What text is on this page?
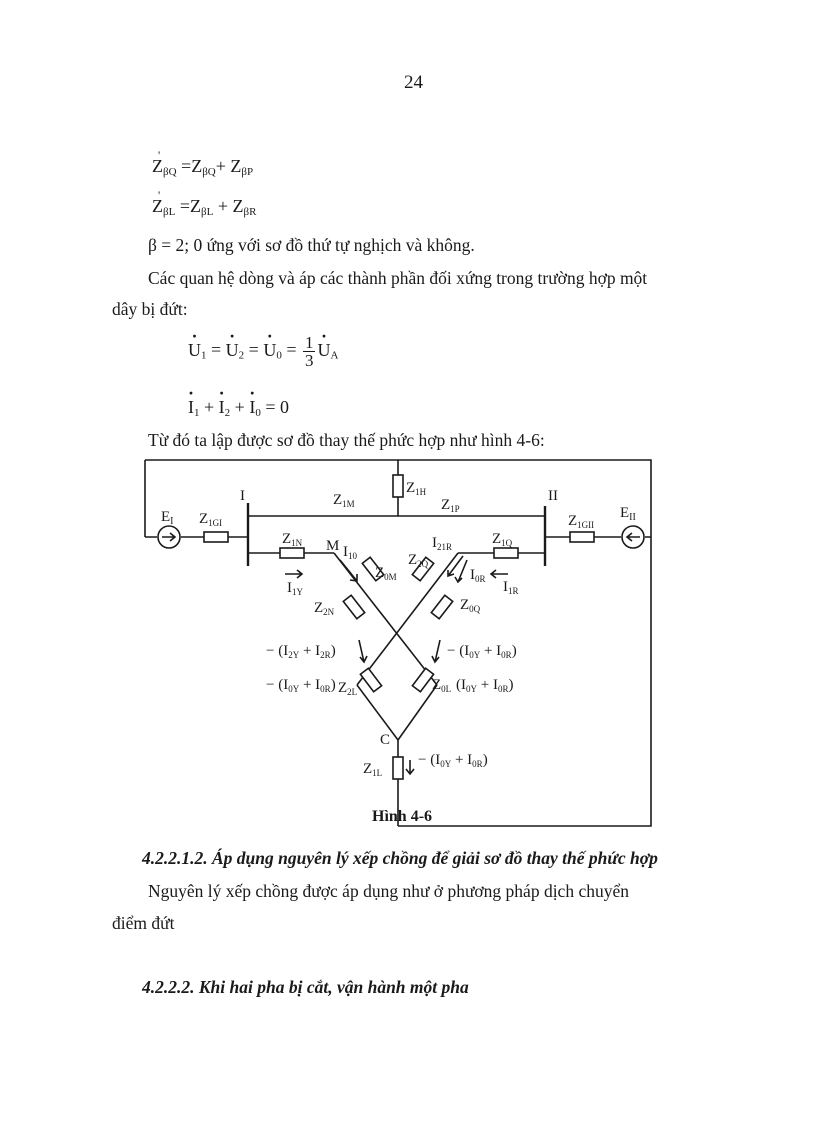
24
Z '$_{\beta Q} =Z_{\beta Q}+ Z_{\beta P}$
Z '$_{\beta L} =Z_{\beta L} + Z_{\beta R}$
β = 2; 0 ứng với sơ đồ thứ tự nghịch và không.
Các quan hệ dòng và áp các thành phần đối xứng trong trường hợp một
dây bị đứt:
· $U_1$ = · $U_2$ = · $U_0 = \frac{1}{3}$
· $U_A$
· $I_1$ + · $I_2$ + · $I_0 = 0$
Từ đó ta lập được sơ đồ thay thế phức hợp như hình 4-6:
I	II
$E_I$
$E_{II}$
$Z_{1GI}$	$Z_{1GII}$
$Z_{1H}$
$Z_{1M}$	$Z_{1P}$
$Z_{1N}$	$Z_{1Q}$
M $I_{10}$
$I_{21R}$
$Z_{0M}$
$Z_{2Q}$
$I_{0R}$ $I_{1R}$
$I_{1Y}$
$Z_{2N}$	$Z_{0Q}$
− $(I_{2Y} + I_{2R})$
− $(I_{0Y} + I_{0R})$ $Z_{2L}$
− $(I_{0Y} + I_{0R})$
$Z_{0L}$ $(I_{0Y} + I_{0R})$
C
$Z_{1L}$
− $(I_{0Y} + I_{0R})$
Hình 4-6
4.2.2.1.2. Áp dụng nguyên lý xếp chồng để giải sơ đồ thay thế phức hợp
Nguyên lý xếp chồng được áp dụng như ở phương pháp dịch chuyển
điểm đứt
4.2.2.2. Khi hai pha bị cắt, vận hành một pha
